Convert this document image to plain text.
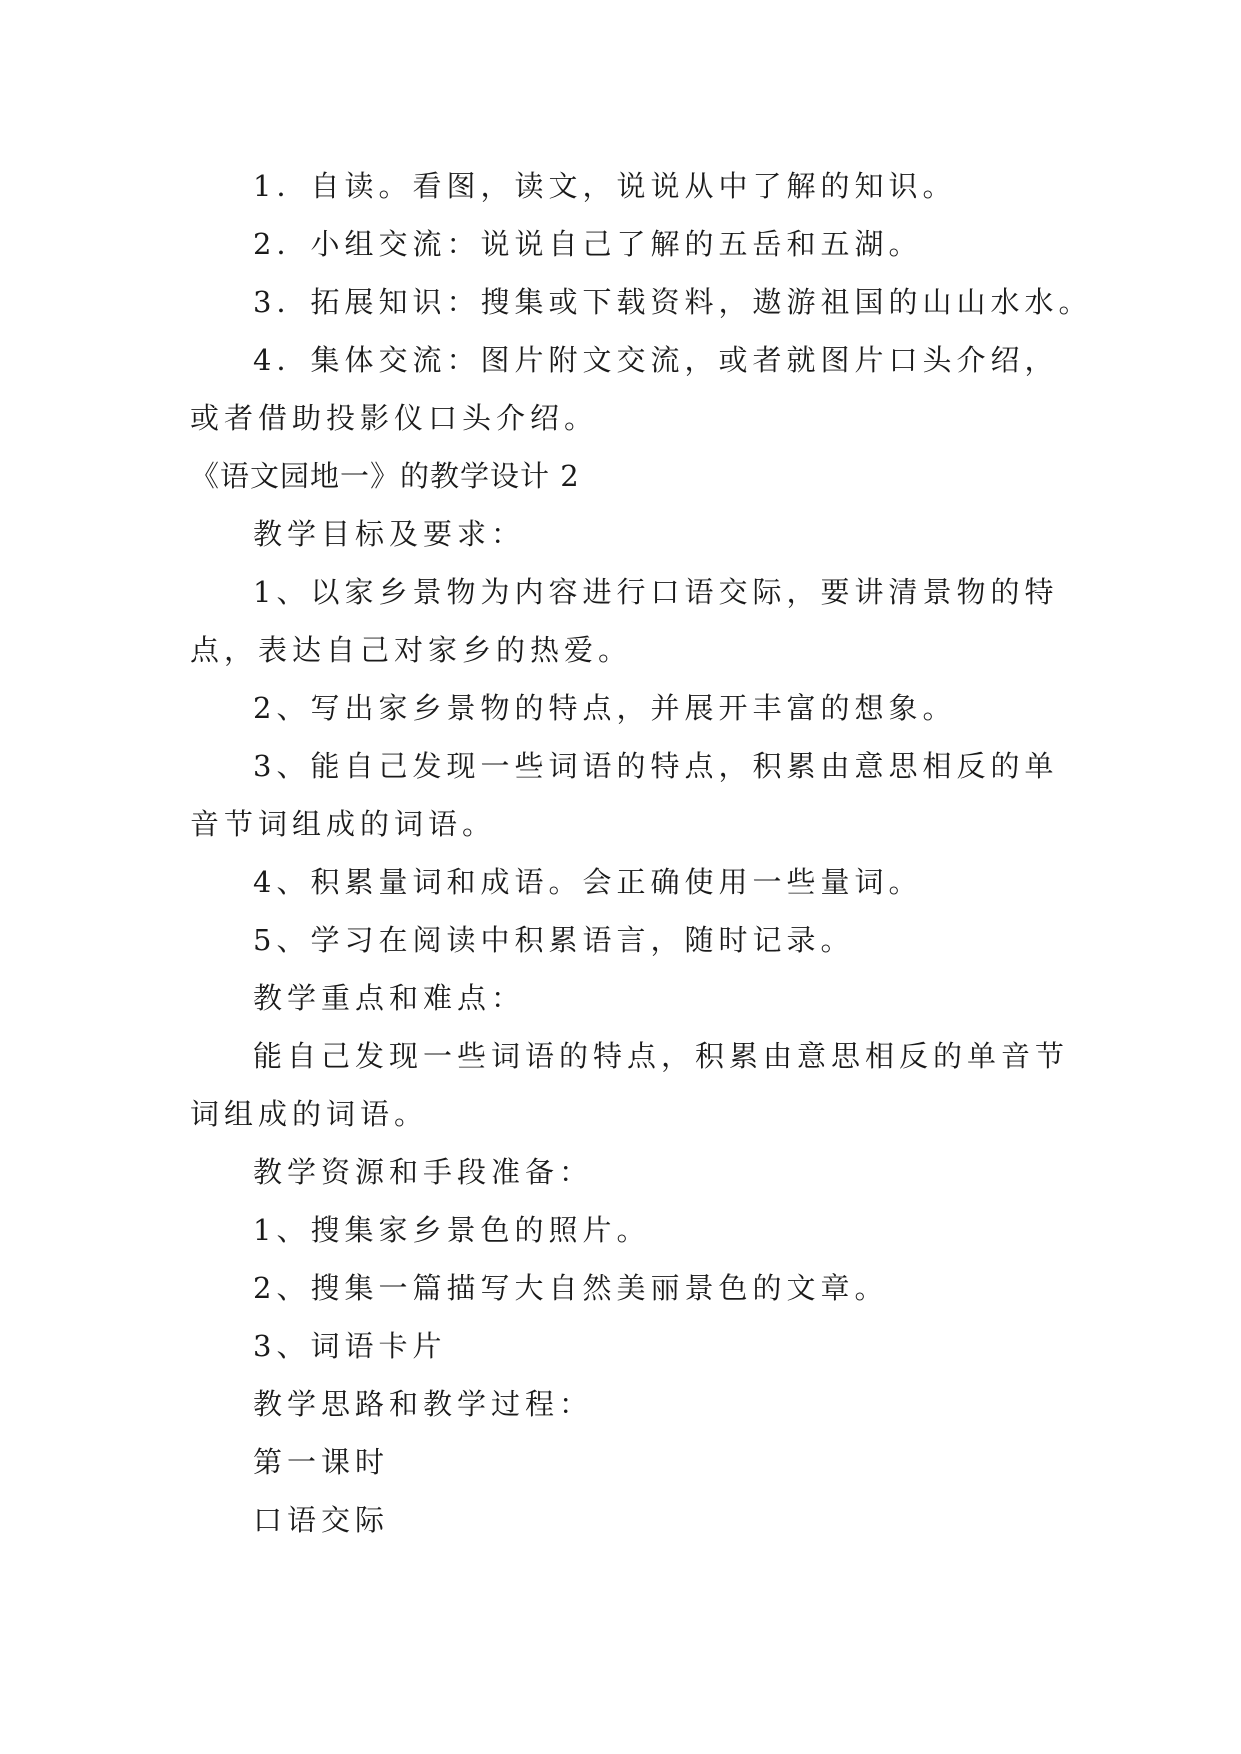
1．自读。看图，读文，说说从中了解的知识。
2．小组交流：说说自己了解的五岳和五湖。
3．拓展知识：搜集或下载资料，遨游祖国的山山水水。
4．集体交流：图片附文交流，或者就图片口头介绍，
或者借助投影仪口头介绍。
《语文园地一》的教学设计 2
教学目标及要求：
1、以家乡景物为内容进行口语交际，要讲清景物的特
点，表达自己对家乡的热爱。
2、写出家乡景物的特点，并展开丰富的想象。
3、能自己发现一些词语的特点，积累由意思相反的单
音节词组成的词语。
4、积累量词和成语。会正确使用一些量词。
5、学习在阅读中积累语言，随时记录。
教学重点和难点：
能自己发现一些词语的特点，积累由意思相反的单音节
词组成的词语。
教学资源和手段准备：
1、搜集家乡景色的照片。
2、搜集一篇描写大自然美丽景色的文章。
3、词语卡片
教学思路和教学过程：
第一课时
口语交际
